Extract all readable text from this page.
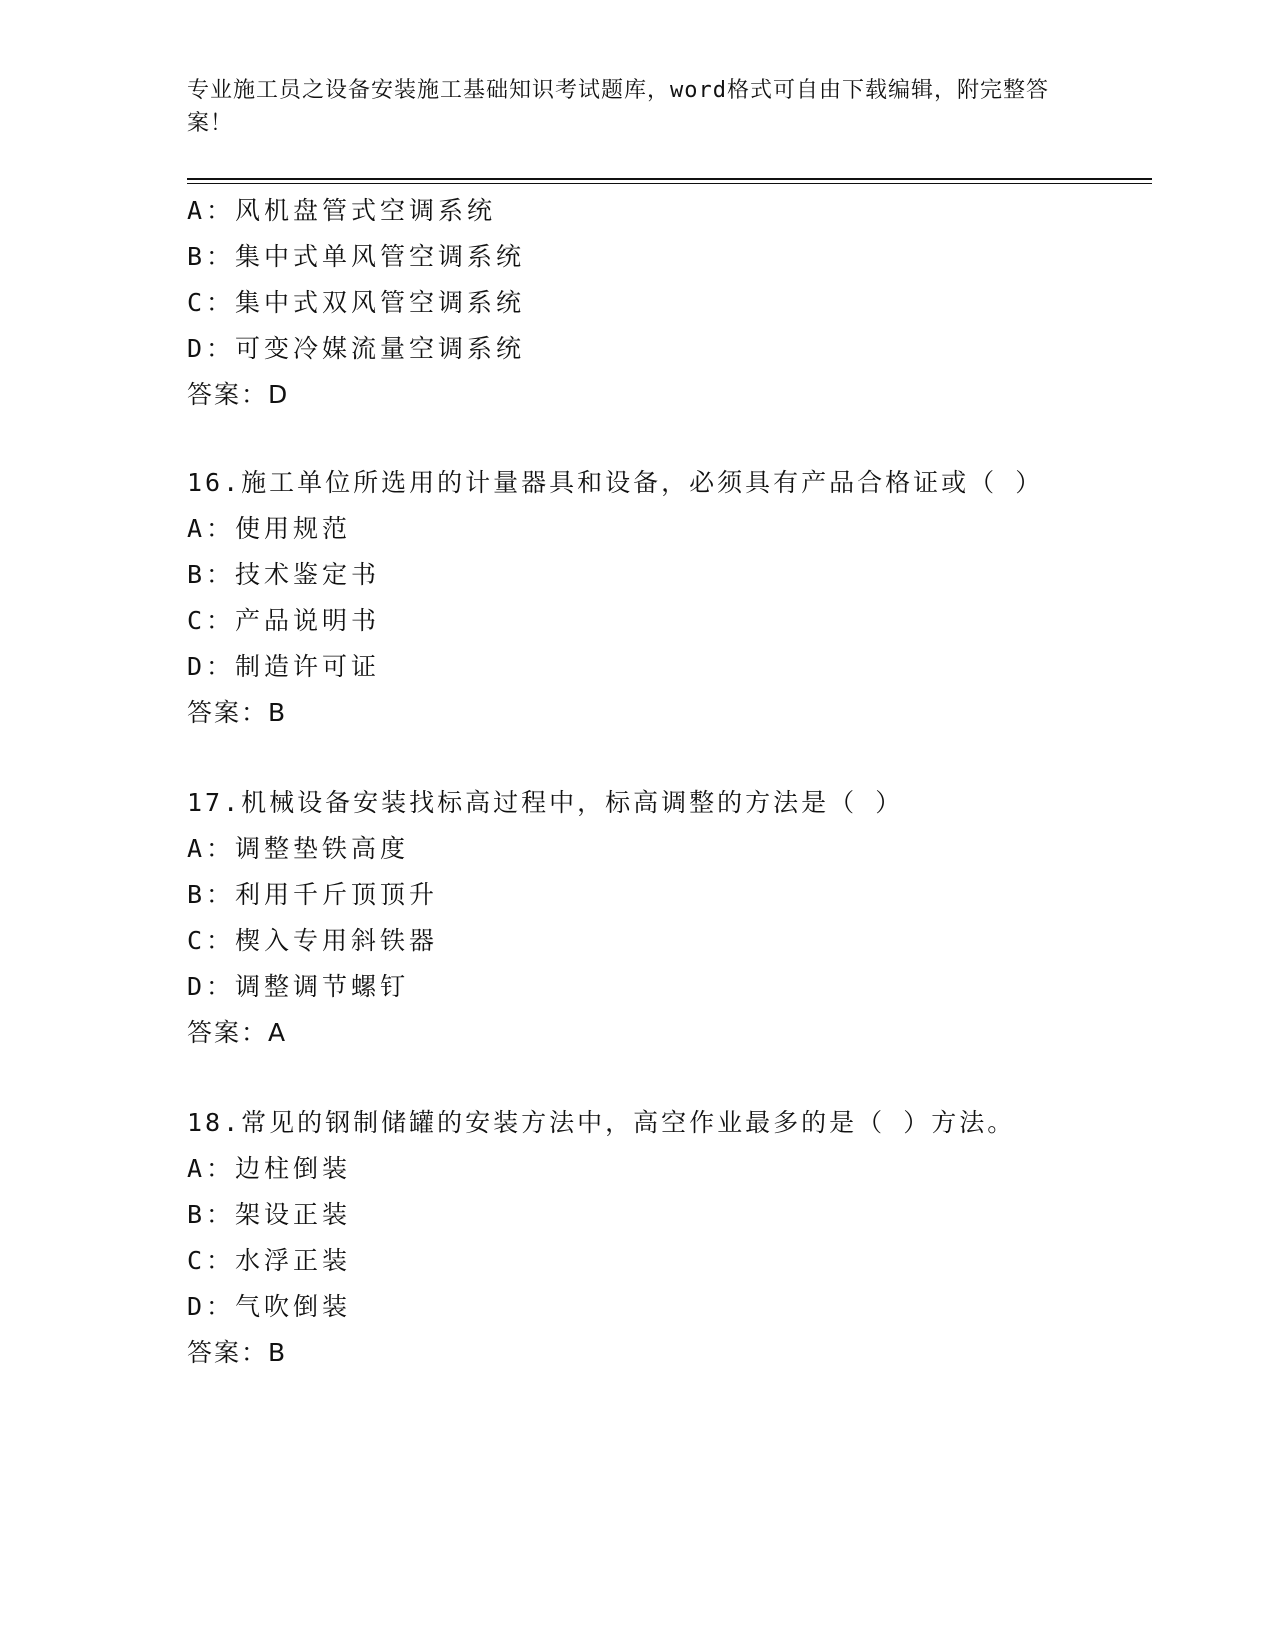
专业施工员之设备安装施工基础知识考试题库，word格式可自由下载编辑，附完整答案！
A：风机盘管式空调系统
B：集中式单风管空调系统
C：集中式双风管空调系统
D：可变冷媒流量空调系统
答案：D
16.施工单位所选用的计量器具和设备，必须具有产品合格证或（ ）
A：使用规范
B：技术鉴定书
C：产品说明书
D：制造许可证
答案：B
17.机械设备安装找标高过程中，标高调整的方法是（ ）
A：调整垫铁高度
B：利用千斤顶顶升
C：楔入专用斜铁器
D：调整调节螺钉
答案：A
18.常见的钢制储罐的安装方法中，高空作业最多的是（ ）方法。
A：边柱倒装
B：架设正装
C：水浮正装
D：气吹倒装
答案：B
